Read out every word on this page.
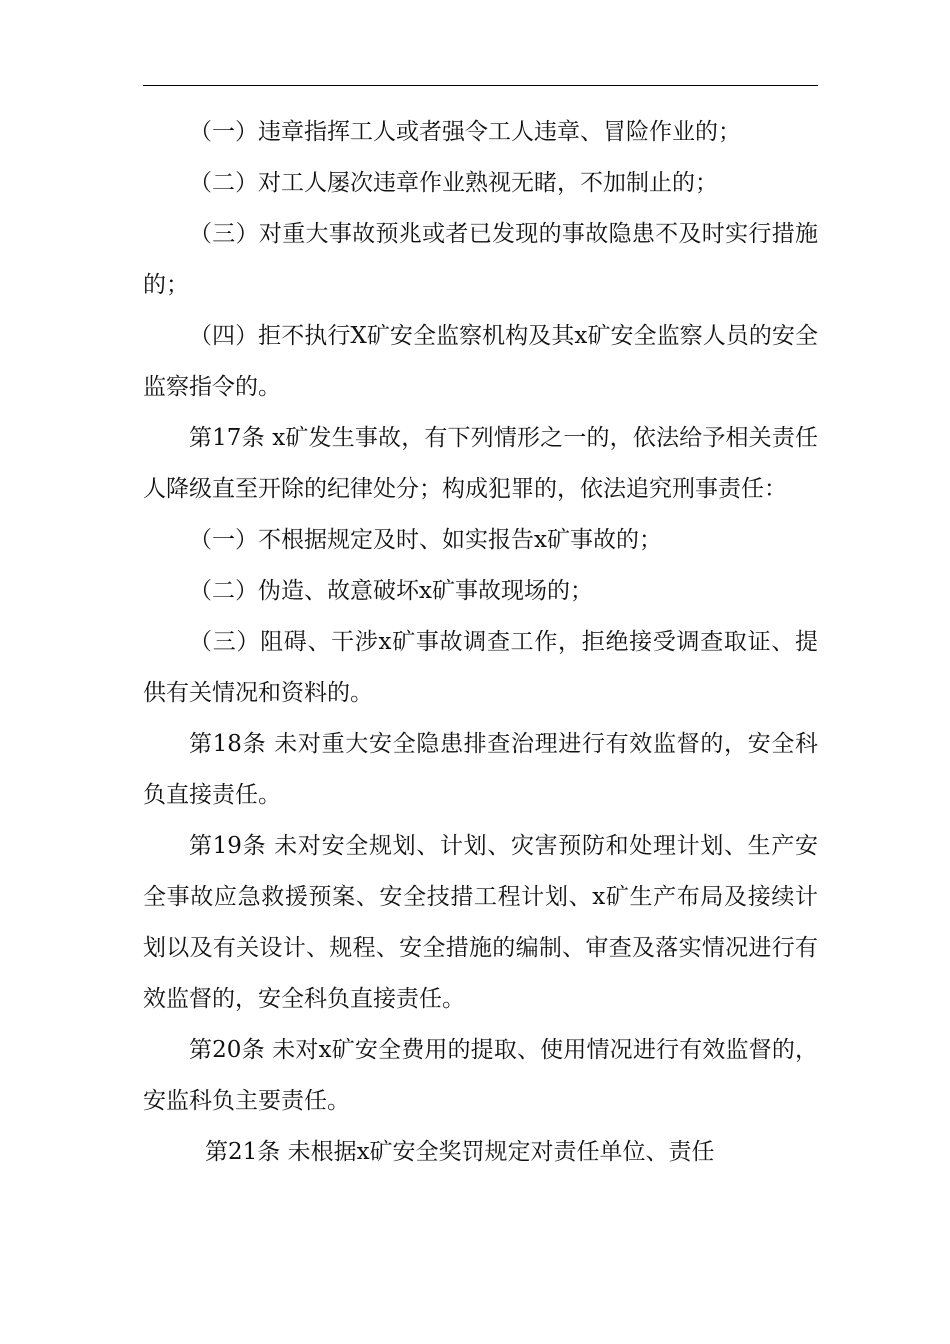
（一）违章指挥工人或者强令工人违章、冒险作业的；

（二）对工人屡次违章作业熟视无睹，不加制止的；

（三）对重大事故预兆或者已发现的事故隐患不及时实行措施的；

（四）拒不执行X矿安全监察机构及其x矿安全监察人员的安全监察指令的。

第17条 x矿发生事故，有下列情形之一的，依法给予相关责任人降级直至开除的纪律处分；构成犯罪的，依法追究刑事责任：

（一）不根据规定及时、如实报告x矿事故的；

（二）伪造、故意破坏x矿事故现场的；

（三）阻碍、干涉x矿事故调查工作，拒绝接受调查取证、提供有关情况和资料的。

第18条 未对重大安全隐患排查治理进行有效监督的，安全科负直接责任。

第19条 未对安全规划、计划、灾害预防和处理计划、生产安全事故应急救援预案、安全技措工程计划、x矿生产布局及接续计划以及有关设计、规程、安全措施的编制、审查及落实情况进行有效监督的，安全科负直接责任。

第20条 未对x矿安全费用的提取、使用情况进行有效监督的，安监科负主要责任。

第21条 未根据x矿安全奖罚规定对责任单位、责任
